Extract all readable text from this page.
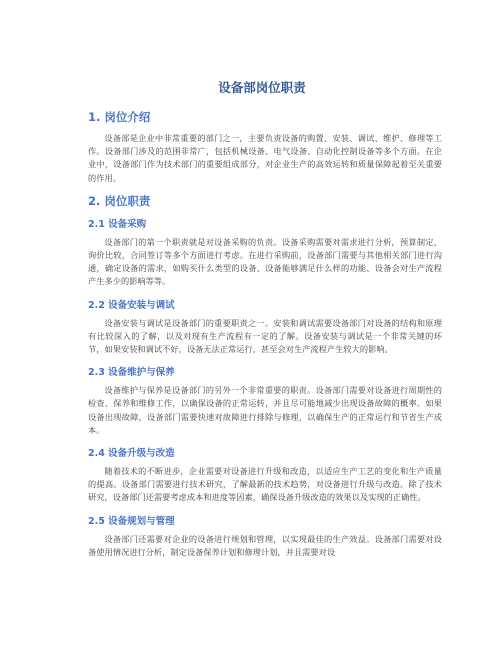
设备部岗位职责
1. 岗位介绍

设备部是企业中非常重要的部门之一，主要负责设备的购置、安装、调试、维护、修理等工作。设备部门涉及的范围非常广，包括机械设备、电气设备、自动化控制设备等多个方面。在企业中，设备部门作为技术部门的重要组成部分，对企业生产的高效运转和质量保障起着至关重要的作用。

2. 岗位职责
2.1 设备采购

设备部门的第一个职责就是对设备采购的负责。设备采购需要对需求进行分析，预算制定，询价比较，合同签订等多个方面进行考虑。在进行采购前，设备部门需要与其他相关部门进行沟通，确定设备的需求，如购买什么类型的设备、设备能够满足什么样的功能、设备会对生产流程产生多少的影响等等。

2.2 设备安装与调试

设备安装与调试是设备部门的重要职责之一。安装和调试需要设备部门对设备的结构和原理有比较深入的了解，以及对现有生产流程有一定的了解。设备安装与调试是一个非常关键的环节，如果安装和调试不好，设备无法正常运行，甚至会对生产流程产生较大的影响。

2.3 设备维护与保养

设备维护与保养是设备部门的另外一个非常重要的职责。设备部门需要对设备进行周期性的检查、保养和维修工作，以确保设备的正常运转，并且尽可能地减少出现设备故障的概率。如果设备出现故障，设备部门需要快速对故障进行排除与修理，以确保生产的正常运行和节省生产成本。

2.4 设备升级与改造

随着技术的不断进步，企业需要对设备进行升级和改造，以适应生产工艺的变化和生产质量的提高。设备部门需要进行技术研究，了解最新的技术趋势，对设备进行升级与改造。除了技术研究，设备部门还需要考虑成本和进度等因素，确保设备升级改造的效果以及实现的正确性。

2.5 设备规划与管理

设备部门还需要对企业的设备进行规划和管理，以实现最佳的生产效益。设备部门需要对设备使用情况进行分析，制定设备保养计划和修理计划，并且需要对设
